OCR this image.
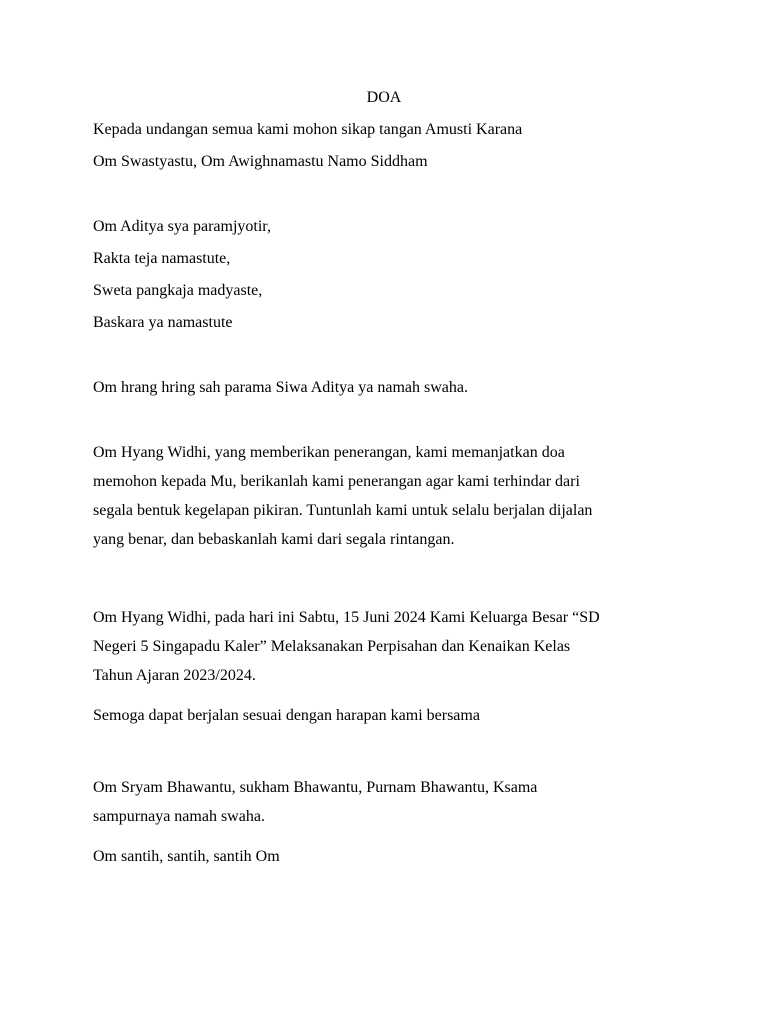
DOA
Kepada undangan semua kami mohon sikap tangan Amusti Karana
Om Swastyastu, Om Awighnamastu Namo Siddham
Om Aditya sya paramjyotir,
Rakta teja namastute,
Sweta pangkaja madyaste,
Baskara ya namastute
Om hrang hring sah parama Siwa Aditya ya namah swaha.
Om Hyang Widhi, yang memberikan penerangan, kami memanjatkan doa
memohon kepada Mu, berikanlah kami penerangan agar kami terhindar dari
segala bentuk kegelapan pikiran. Tuntunlah kami untuk selalu berjalan dijalan
yang benar, dan bebaskanlah kami dari segala rintangan.
Om Hyang Widhi, pada hari ini Sabtu, 15 Juni 2024 Kami Keluarga Besar “SD
Negeri 5 Singapadu Kaler” Melaksanakan Perpisahan dan Kenaikan Kelas
Tahun Ajaran 2023/2024.
Semoga dapat berjalan sesuai dengan harapan kami bersama
Om Sryam Bhawantu, sukham Bhawantu, Purnam Bhawantu, Ksama
sampurnaya namah swaha.
Om santih, santih, santih Om
